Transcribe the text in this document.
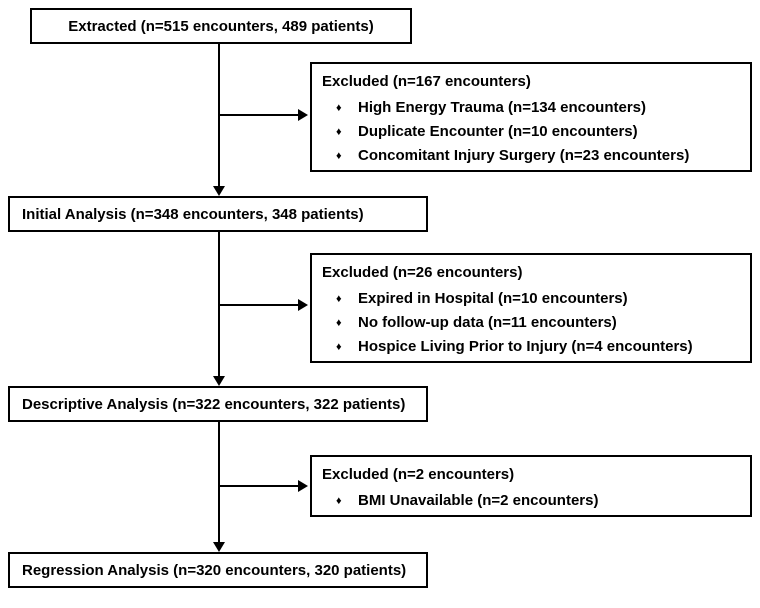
Extracted (n=515 encounters, 489 patients)
Excluded (n=167 encounters)
♦	High Energy Trauma (n=134 encounters)
♦	Duplicate Encounter (n=10 encounters)
♦	Concomitant Injury Surgery (n=23 encounters)
Initial Analysis (n=348 encounters, 348 patients)
Excluded (n=26 encounters)
♦	Expired in Hospital (n=10 encounters)
♦	No follow-up data (n=11 encounters)
♦	Hospice Living Prior to Injury (n=4 encounters)
Descriptive Analysis (n=322 encounters, 322 patients)
Excluded (n=2 encounters)
♦	BMI Unavailable (n=2 encounters)
Regression Analysis (n=320 encounters, 320 patients)
